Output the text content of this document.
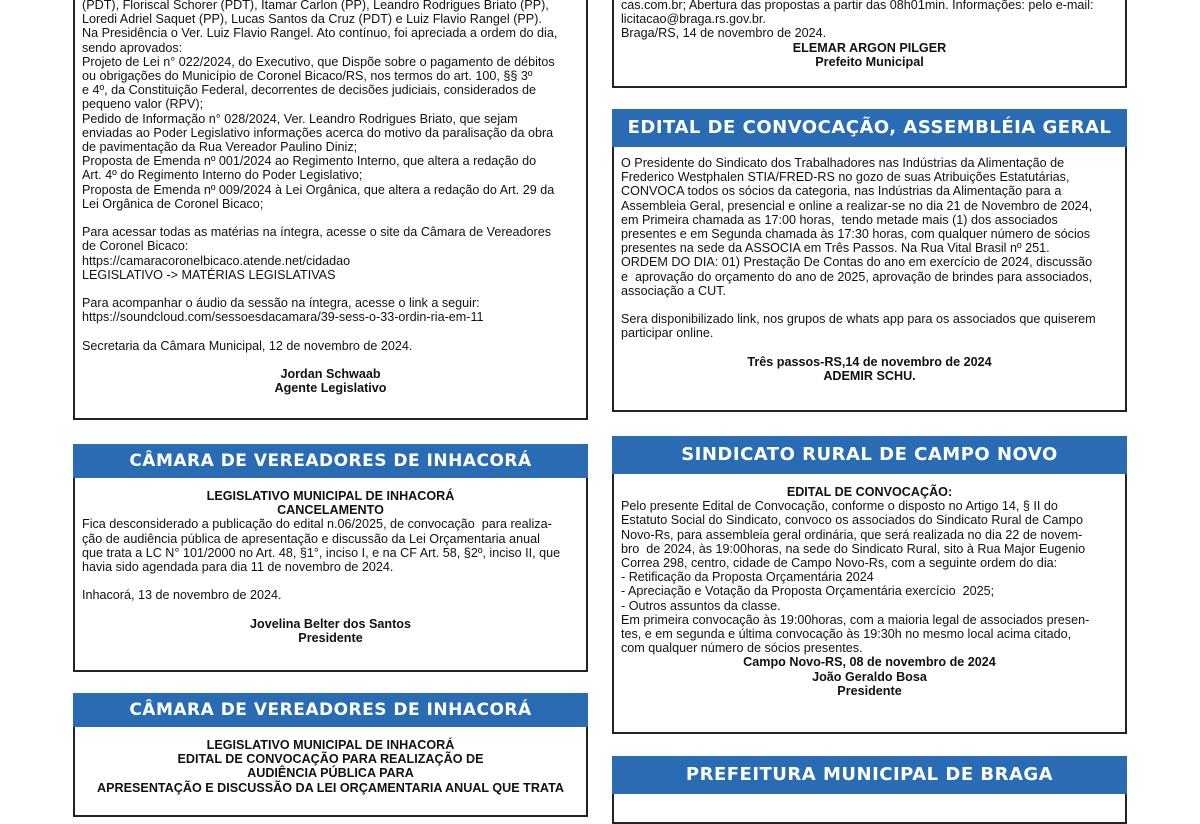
(PDT), Floriscal Schorer (PDT), Itamar Carlon (PP), Leandro Rodrigues Briato (PP),
Loredi Adriel Saquet (PP), Lucas Santos da Cruz (PDT) e Luiz Flavio Rangel (PP).
Na Presidência o Ver. Luiz Flavio Rangel. Ato contínuo, foi apreciada a ordem do dia,
sendo aprovados:
Projeto de Lei n° 022/2024, do Executivo, que Dispõe sobre o pagamento de débitos
ou obrigações do Município de Coronel Bicaco/RS, nos termos do art. 100, §§ 3º
e 4º, da Constituição Federal, decorrentes de decisões judiciais, considerados de
pequeno valor (RPV);
Pedido de Informação n° 028/2024, Ver. Leandro Rodrigues Briato, que sejam
enviadas ao Poder Legislativo informações acerca do motivo da paralisação da obra
de pavimentação da Rua Vereador Paulino Diniz;
Proposta de Emenda nº 001/2024 ao Regimento Interno, que altera a redação do
Art. 4º do Regimento Interno do Poder Legislativo;
Proposta de Emenda nº 009/2024 à Lei Orgânica, que altera a redação do Art. 29 da
Lei Orgânica de Coronel Bicaco;

Para acessar todas as matérias na íntegra, acesse o site da Câmara de Vereadores
de Coronel Bicaco:
https://camaracoronelbicaco.atende.net/cidadao
LEGISLATIVO -> MATÉRIAS LEGISLATIVAS

Para acompanhar o áudio da sessão na íntegra, acesse o link a seguir:
https://soundcloud.com/sessoesdacamara/39-sess-o-33-ordin-ria-em-11

Secretaria da Câmara Municipal, 12 de novembro de 2024.
Jordan Schwaab
Agente Legislativo
CÂMARA DE VEREADORES DE INHACORÁ
LEGISLATIVO MUNICIPAL DE INHACORÁ
CANCELAMENTO
Fica desconsiderado a publicação do edital n.06/2025, de convocação  para realiza-
ção de audiência pública de apresentação e discussão da Lei Orçamentaria anual
que trata a LC N° 101/2000 no Art. 48, §1°, inciso I, e na CF Art. 58, §2º, inciso II, que
havia sido agendada para dia 11 de novembro de 2024.

Inhacorá, 13 de novembro de 2024.
Jovelina Belter dos Santos
Presidente
CÂMARA DE VEREADORES DE INHACORÁ
LEGISLATIVO MUNICIPAL DE INHACORÁ
EDITAL DE CONVOCAÇÃO PARA REALIZAÇÃO DE
AUDIÊNCIA PÚBLICA PARA
APRESENTAÇÃO E DISCUSSÃO DA LEI ORÇAMENTARIA ANUAL QUE TRATA
cas.com.br; Abertura das propostas a partir das 08h01min. Informações: pelo e-mail:
licitacao@braga.rs.gov.br.
Braga/RS, 14 de novembro de 2024.
ELEMAR ARGON PILGER
Prefeito Municipal
EDITAL DE CONVOCAÇÃO, ASSEMBLÉIA GERAL
O Presidente do Sindicato dos Trabalhadores nas Indústrias da Alimentação de
Frederico Westphalen STIA/FRED-RS no gozo de suas Atribuições Estatutárias,
CONVOCA todos os sócios da categoria, nas Indústrias da Alimentação para a
Assembleia Geral, presencial e online a realizar-se no dia 21 de Novembro de 2024,
em Primeira chamada as 17:00 horas,  tendo metade mais (1) dos associados
presentes e em Segunda chamada às 17:30 horas, com qualquer número de sócios
presentes na sede da ASSOCIA em Três Passos. Na Rua Vital Brasil nº 251.
ORDEM DO DIA: 01) Prestação De Contas do ano em exercício de 2024, discussão
e  aprovação do orçamento do ano de 2025, aprovação de brindes para associados,
associação a CUT.

Sera disponibilizado link, nos grupos de whats app para os associados que quiserem
participar online.
Três passos-RS,14 de novembro de 2024
ADEMIR SCHU.
SINDICATO RURAL DE CAMPO NOVO
EDITAL DE CONVOCAÇÃO:
Pelo presente Edital de Convocação, conforme o disposto no Artigo 14, § II do
Estatuto Social do Sindicato, convoco os associados do Sindicato Rural de Campo
Novo-Rs, para assembleia geral ordinária, que será realizada no dia 22 de novem-
bro  de 2024, às 19:00horas, na sede do Sindicato Rural, sito à Rua Major Eugenio
Correa 298, centro, cidade de Campo Novo-Rs, com a seguinte ordem do dia:
- Retificação da Proposta Orçamentária 2024
- Apreciação e Votação da Proposta Orçamentária exercício  2025;
- Outros assuntos da classe.
Em primeira convocação às 19:00horas, com a maioria legal de associados presen-
tes, e em segunda e última convocação às 19:30h no mesmo local acima citado,
com qualquer número de sócios presentes.
Campo Novo-RS, 08 de novembro de 2024
João Geraldo Bosa
Presidente
PREFEITURA MUNICIPAL DE BRAGA
